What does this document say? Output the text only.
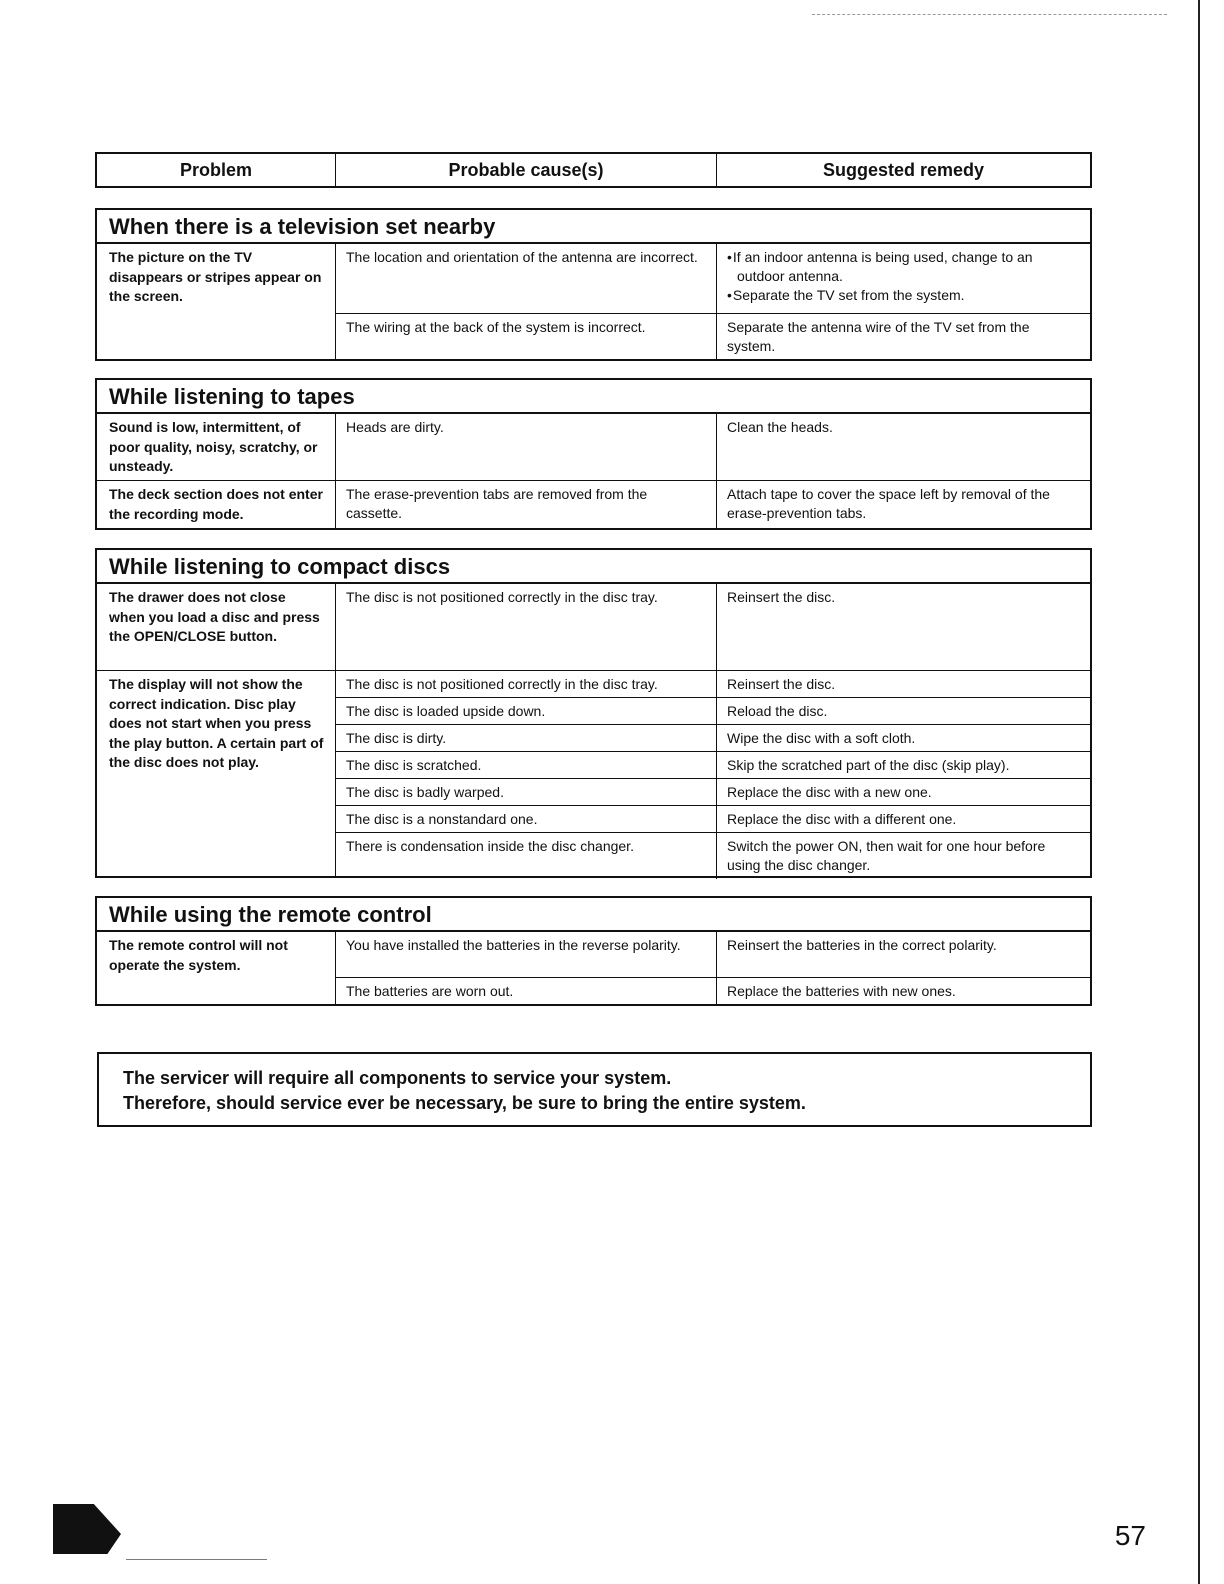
Problem	Probable cause(s)	Suggested remedy
When there is a television set nearby
The picture on the TV disappears or stripes appear on the screen.
The location and orientation of the antenna are incorrect.
•	If an indoor antenna is being used, change to an
outdoor antenna.
• Separate the TV set from the system.
The wiring at the back of the system is incorrect.	Separate the antenna wire of the TV set from the system.
While listening to tapes
Sound is low, intermittent, of poor quality, noisy, scratchy, or unsteady.
Heads are dirty.	Clean the heads.
The deck section does not enter the recording mode.
The erase-prevention tabs are removed from the cassette.
Attach tape to cover the space left by removal of the erase-prevention tabs.
While listening to compact discs
The drawer does not close when you load a disc and press the OPEN/CLOSE button.
The disc is not positioned correctly in the disc tray.	Reinsert the disc.
The display will not show the correct indication. Disc play does not start when you press the play button. A certain part of the disc does not play.
The disc is not positioned correctly in the disc tray.	Reinsert the disc.
The disc is loaded upside down.	Reload the disc.
The disc is dirty.	Wipe the disc with a soft cloth.
The disc is scratched.	Skip the scratched part of the disc (skip play).
The disc is badly warped.	Replace the disc with a new one.
The disc is a nonstandard one.	Replace the disc with a different one.
There is condensation inside the disc changer.	Switch the power ON, then wait for one hour before using the disc changer.
While using the remote control
The remote control will not operate the system.
You have installed the batteries in the reverse polarity.	Reinsert the batteries in the correct polarity.
The batteries are worn out.	Replace the batteries with new ones.
The servicer will require all components to service your system.
Therefore, should service ever be necessary, be sure to bring the entire system.
57
